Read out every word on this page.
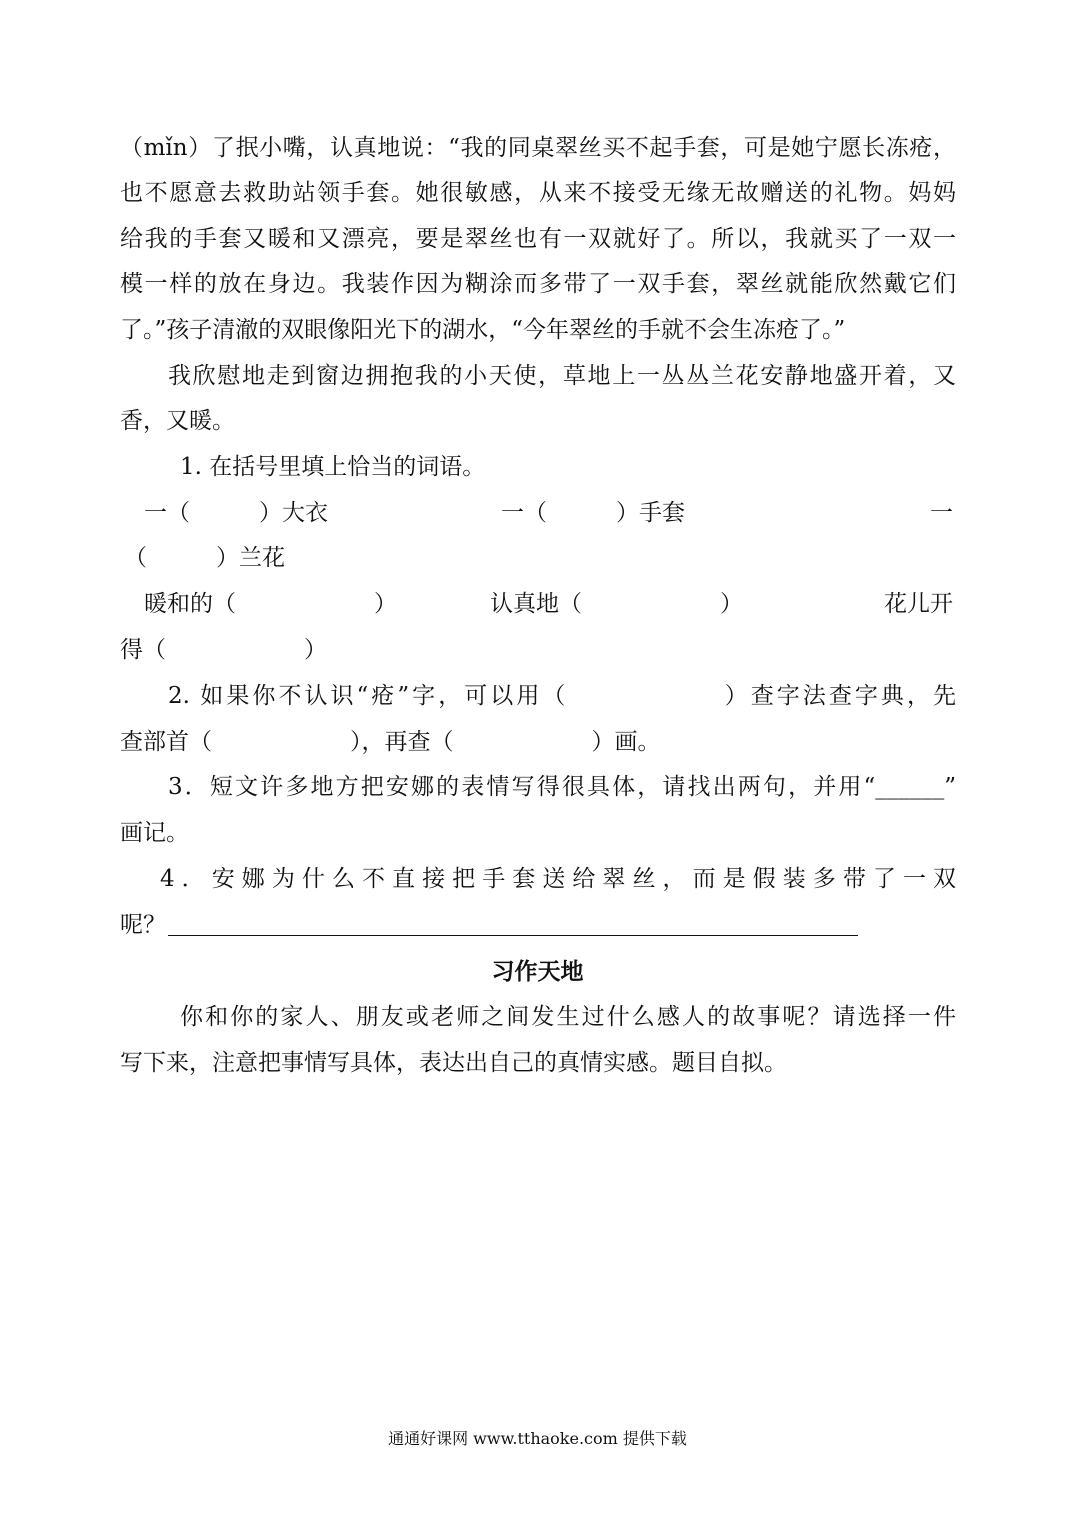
（mǐn）了抿小嘴，认真地说：“我的同桌翠丝买不起手套，可是她宁愿长冻疮，
也不愿意去救助站领手套。她很敏感，从来不接受无缘无故赠送的礼物。妈妈
给我的手套又暖和又漂亮，要是翠丝也有一双就好了。所以，我就买了一双一
模一样的放在身边。我装作因为糊涂而多带了一双手套，翠丝就能欣然戴它们
了。”孩子清澈的双眼像阳光下的湖水，“今年翠丝的手就不会生冻疮了。”
我欣慰地走到窗边拥抱我的小天使，草地上一丛丛兰花安静地盛开着，又
香，又暖。
1. 在括号里填上恰当的词语。
一（　　　）大衣	一（　　　）手套	一
（　　　）兰花
暖和的（　　　　　　）	认真地（　　　　　　）	花儿开
得（　　　　　　）
2. 如果你不认识“疮”字，可以用（　　　　　　）查字法查字典，先
查部首（　　　　　　），再查（　　　　　　）画。
3．短文许多地方把安娜的表情写得很具体，请找出两句，并用“______”
画记。
4．安娜为什么不直接把手套送给翠丝，而是假装多带了一双
呢？
习作天地
你和你的家人、朋友或老师之间发生过什么感人的故事呢？请选择一件
写下来，注意把事情写具体，表达出自己的真情实感。题目自拟。
通通好课网 www.tthaoke.com 提供下载
